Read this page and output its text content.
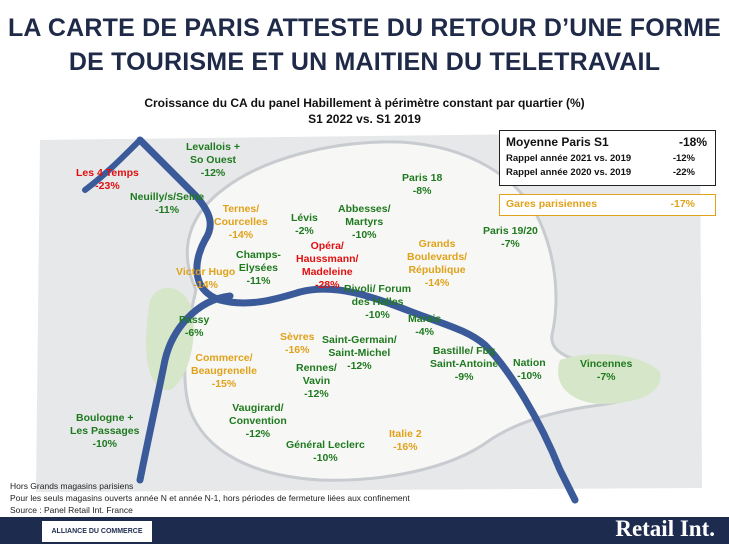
LA CARTE DE PARIS ATTESTE DU RETOUR D’UNE FORME
DE TOURISME ET UN MAITIEN DU TELETRAVAIL
Croissance du CA du panel Habillement à périmètre constant par quartier (%)
S1 2022 vs. S1 2019
Levallois +
So Ouest
-12%
Les 4 Temps
-23%
Neuilly/s/Seine
-11%
Paris 18
-8%
Ternes/
Courcelles
-14%
Lévis
-2%
Abbesses/
Martyrs
-10%	Paris 19/20
-7%
Opéra/
Haussmann/
Madeleine
-28%
Grands
Boulevards/
République
-14%
Champs-
Elysées
-11%
Victor Hugo
-14%	Rivoli/ Forum
des Halles
-10%
Passy
-6%
Marais
-4%
Sèvres
-16%
Saint-Germain/
Saint-Michel
-12%
Bastille/ Fbg
Saint-Antoine
-9%
Commerce/
Beaugrenelle
-15%
Rennes/
Vavin
-12%
Nation
-10%
Vincennes
-7%
Vaugirard/
Convention
-12%
Boulogne +
Les Passages
-10%	Général Leclerc
-10%
Italie 2
-16%
Moyenne Paris S1	-18%
Rappel année 2021 vs. 2019	-12%
Rappel année 2020 vs. 2019	-22%
Gares parisiennes	-17%
Hors Grands magasins parisiens
Pour les seuls magasins ouverts année N et année N-1, hors périodes de fermeture liées aux confinement
Source : Panel Retail Int. France
ALLIANCE DU COMMERCE	Retail Int.
